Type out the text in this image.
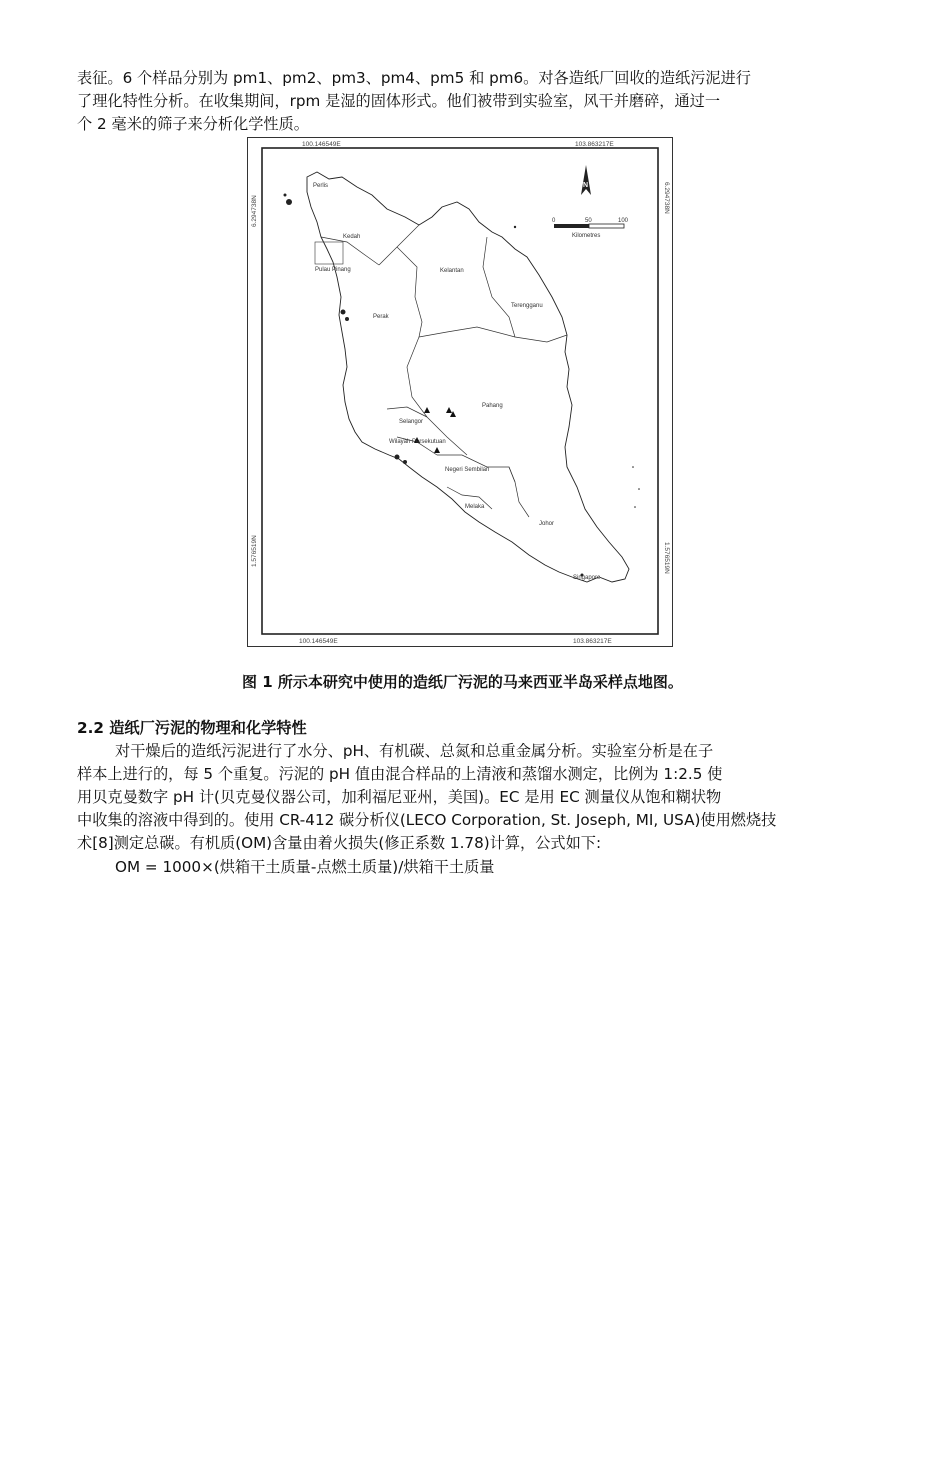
表征。6 个样品分别为 pm1、pm2、pm3、pm4、pm5 和 pm6。对各造纸厂回收的造纸污泥进行
了理化特性分析。在收集期间，rpm 是湿的固体形式。他们被带到实验室，风干并磨碎，通过一
个 2 毫米的筛子来分析化学性质。
100.146549E	103.863217E
100.146549E	103.863217E
6.294738N
1.576519N
6.294738N
1.576519N
N
0	50	100
Kilometres
Perlis
Kedah
Pulau Pinang
Perak
Kelantan
Terengganu
Pahang
Selangor
Wilayah Persekutuan
Negeri Sembilan
Melaka
Johor
Singapore
图 1 所示本研究中使用的造纸厂污泥的马来西亚半岛采样点地图。
2.2 造纸厂污泥的物理和化学特性
对干燥后的造纸污泥进行了水分、pH、有机碳、总氮和总重金属分析。实验室分析是在子
样本上进行的，每 5 个重复。污泥的 pH 值由混合样品的上清液和蒸馏水测定，比例为 1:2.5 使
用贝克曼数字 pH 计(贝克曼仪器公司，加利福尼亚州，美国)。EC 是用 EC 测量仪从饱和糊状物
中收集的溶液中得到的。使用 CR-412 碳分析仪(LECO Corporation, St. Joseph, MI, USA)使用燃烧技
术[8]测定总碳。有机质(OM)含量由着火损失(修正系数 1.78)计算，公式如下:
OM = 1000×(烘箱干土质量-点燃土质量)/烘箱干土质量
